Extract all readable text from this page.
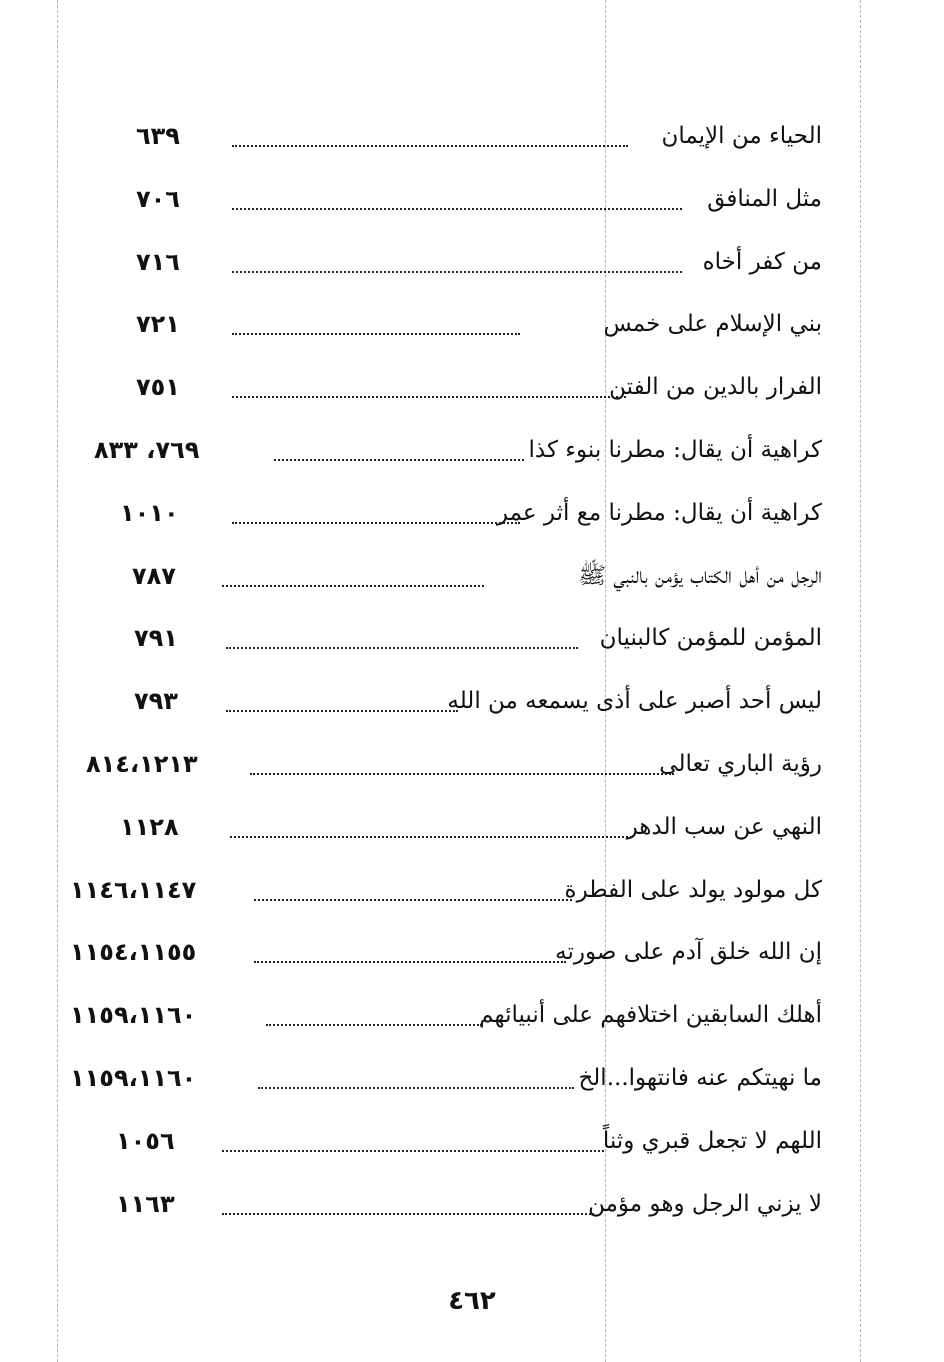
الحياء من الإيمان
٦٣٩
مثل المنافق
٧٠٦
من كفر أخاه
٧١٦
بني الإسلام على خمس
٧٢١
الفرار بالدين من الفتن
٧٥١
كراهية أن يقال: مطرنا بنوء كذا
٧٦٩، ٨٣٣
كراهية أن يقال: مطرنا مع أثر عمر
١٠١٠
الرجل من أهل الكتاب يؤمن بالنبي ﷺ
٧٨٧
المؤمن للمؤمن كالبنيان
٧٩١
ليس أحد أصبر على أذى يسمعه من الله
٧٩٣
رؤية الباري تعالى
٨١٤،١٢١٣
النهي عن سب الدهر
١١٢٨
كل مولود يولد على الفطرة
١١٤٦،١١٤٧
إن الله خلق آدم على صورته
١١٥٤،١١٥٥
أهلك السابقين اختلافهم على أنبيائهم
١١٥٩،١١٦٠
ما نهيتكم عنه فانتهوا...الخ
١١٥٩،١١٦٠
اللهم لا تجعل قبري وثناً
١٠٥٦
لا يزني الرجل وهو مؤمن
١١٦٣
٤٦٢
